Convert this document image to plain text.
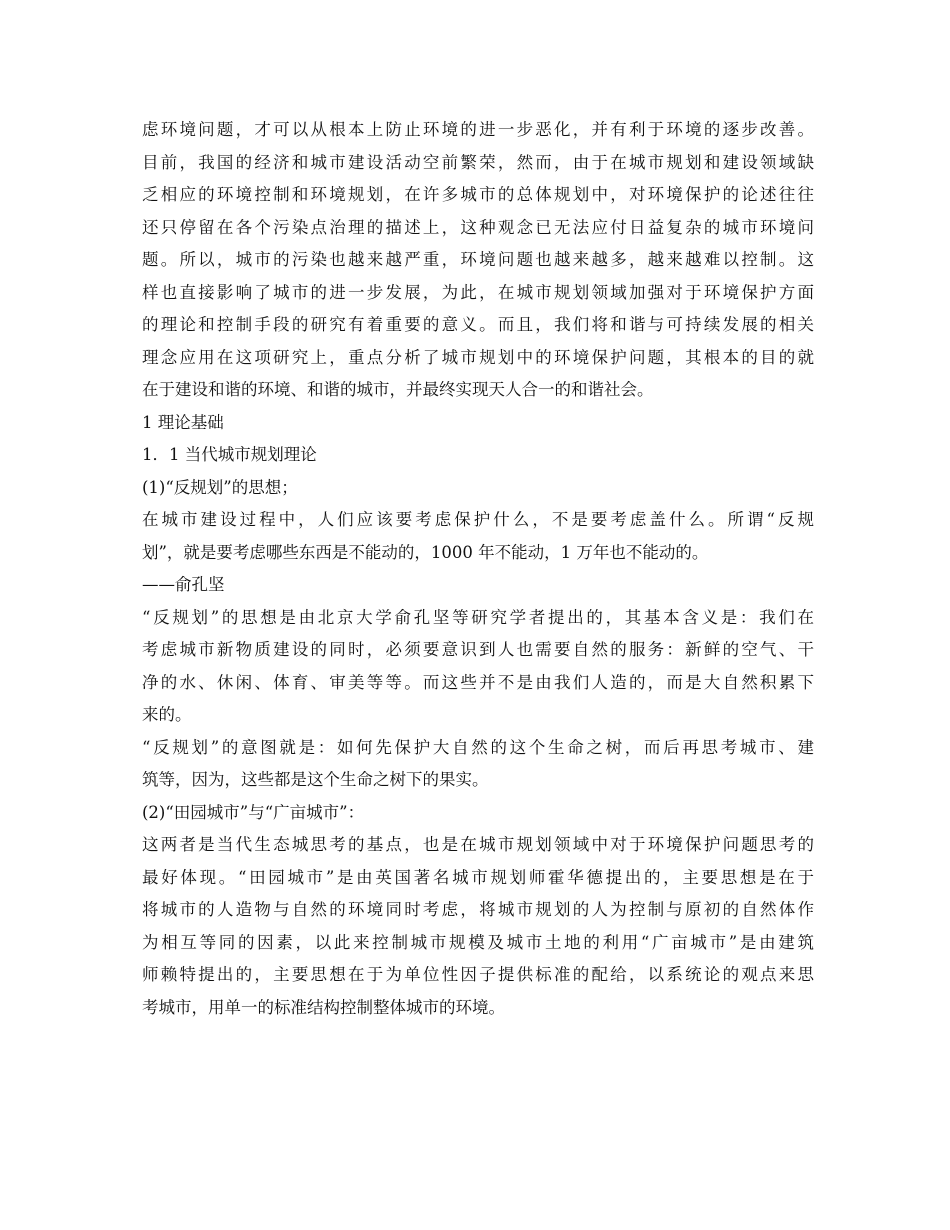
虑环境问题，才可以从根本上防止环境的进一步恶化，并有利于环境的逐步改善。
目前，我国的经济和城市建设活动空前繁荣，然而，由于在城市规划和建设领域缺
乏相应的环境控制和环境规划，在许多城市的总体规划中，对环境保护的论述往往
还只停留在各个污染点治理的描述上，这种观念已无法应付日益复杂的城市环境问
题。所以，城市的污染也越来越严重，环境问题也越来越多，越来越难以控制。这
样也直接影响了城市的进一步发展，为此，在城市规划领域加强对于环境保护方面
的理论和控制手段的研究有着重要的意义。而且，我们将和谐与可持续发展的相关
理念应用在这项研究上，重点分析了城市规划中的环境保护问题，其根本的目的就
在于建设和谐的环境、和谐的城市，并最终实现天人合一的和谐社会。
1 理论基础
1．1 当代城市规划理论
(1)“反规划”的思想；
在城市建设过程中，人们应该要考虑保护什么，不是要考虑盖什么。所谓“反规
划”，就是要考虑哪些东西是不能动的，1000 年不能动，1 万年也不能动的。
——俞孔坚
“反规划”的思想是由北京大学俞孔坚等研究学者提出的，其基本含义是：我们在
考虑城市新物质建设的同时，必须要意识到人也需要自然的服务：新鲜的空气、干
净的水、休闲、体育、审美等等。而这些并不是由我们人造的，而是大自然积累下
来的。
“反规划”的意图就是：如何先保护大自然的这个生命之树，而后再思考城市、建
筑等，因为，这些都是这个生命之树下的果实。
(2)“田园城市”与“广亩城市”：
这两者是当代生态城思考的基点，也是在城市规划领域中对于环境保护问题思考的
最好体现。“田园城市”是由英国著名城市规划师霍华德提出的，主要思想是在于
将城市的人造物与自然的环境同时考虑，将城市规划的人为控制与原初的自然体作
为相互等同的因素，以此来控制城市规模及城市土地的利用“广亩城市”是由建筑
师赖特提出的，主要思想在于为单位性因子提供标准的配给，以系统论的观点来思
考城市，用单一的标准结构控制整体城市的环境。
